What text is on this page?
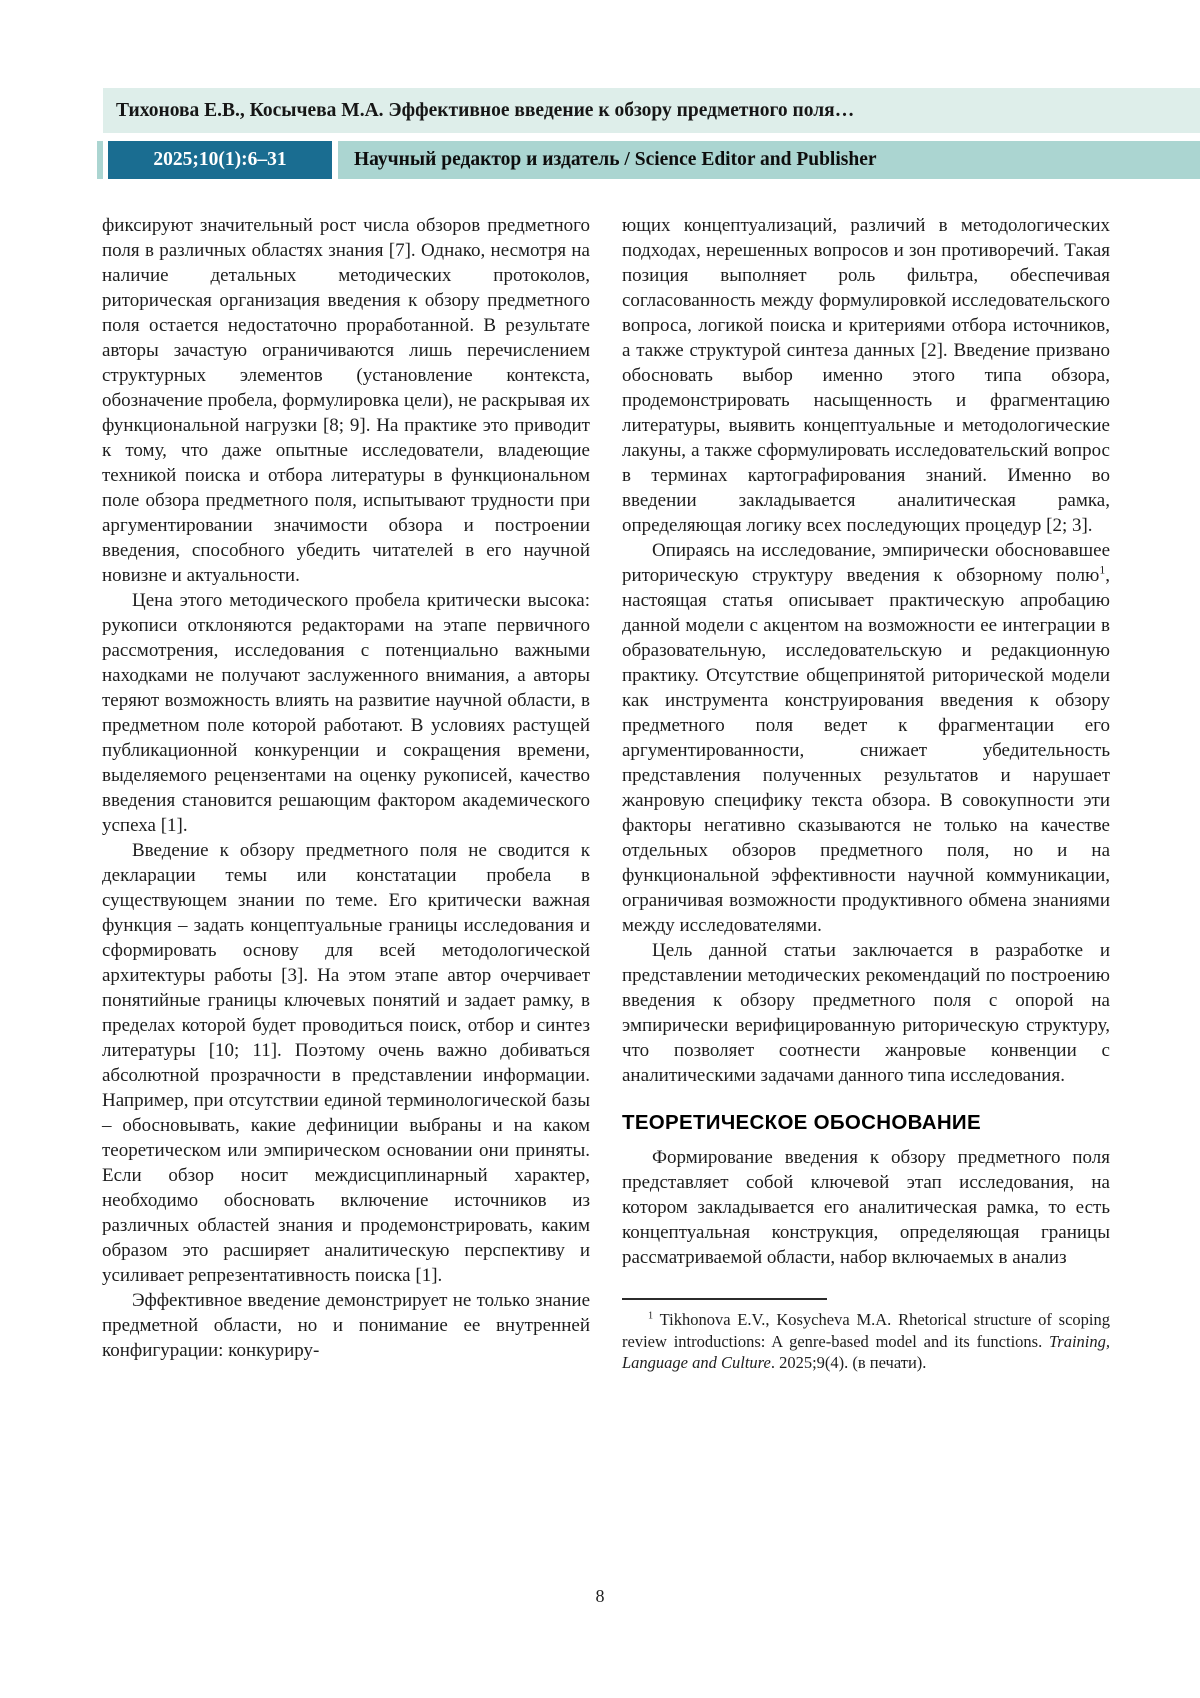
Тихонова Е.В., Косычева М.А. Эффективное введение к обзору предметного поля…
2025;10(1):6–31	Научный редактор и издатель / Science Editor and Publisher

фиксируют значительный рост числа обзоров предметного поля в различных областях знания [7]. Однако, несмотря на наличие детальных методических протоколов, риторическая организация введения к обзору предметного поля остается недостаточно проработанной. В результате авторы зачастую ограничиваются лишь перечислением структурных элементов (установление контекста, обозначение пробела, формулировка цели), не раскрывая их функциональной нагрузки [8; 9]. На практике это приводит к тому, что даже опытные исследователи, владеющие техникой поиска и отбора литературы в функциональном поле обзора предметного поля, испытывают трудности при аргументировании значимости обзора и построении введения, способного убедить читателей в его научной новизне и актуальности.

Цена этого методического пробела критически высока: рукописи отклоняются редакторами на этапе первичного рассмотрения, исследования с потенциально важными находками не получают заслуженного внимания, а авторы теряют возможность влиять на развитие научной области, в предметном поле которой работают. В условиях растущей публикационной конкуренции и сокращения времени, выделяемого рецензентами на оценку рукописей, качество введения становится решающим фактором академического успеха [1].

Введение к обзору предметного поля не сводится к декларации темы или констатации пробела в существующем знании по теме. Его критически важная функция – задать концептуальные границы исследования и сформировать основу для всей методологической архитектуры работы [3]. На этом этапе автор очерчивает понятийные границы ключевых понятий и задает рамку, в пределах которой будет проводиться поиск, отбор и синтез литературы [10; 11]. Поэтому очень важно добиваться абсолютной прозрачности в представлении информации. Например, при отсутствии единой терминологической базы – обосновывать, какие дефиниции выбраны и на каком теоретическом или эмпирическом основании они приняты. Если обзор носит междисциплинарный характер, необходимо обосновать включение источников из различных областей знания и продемонстрировать, каким образом это расширяет аналитическую перспективу и усиливает репрезентативность поиска [1].

Эффективное введение демонстрирует не только знание предметной области, но и понимание ее внутренней конфигурации: конкуриру-

ющих концептуализаций, различий в методологических подходах, нерешенных вопросов и зон противоречий. Такая позиция выполняет роль фильтра, обеспечивая согласованность между формулировкой исследовательского вопроса, логикой поиска и критериями отбора источников, а также структурой синтеза данных [2]. Введение призвано обосновать выбор именно этого типа обзора, продемонстрировать насыщенность и фрагментацию литературы, выявить концептуальные и методологические лакуны, а также сформулировать исследовательский вопрос в терминах картографирования знаний. Именно во введении закладывается аналитическая рамка, определяющая логику всех последующих процедур [2; 3].

Опираясь на исследование, эмпирически обосновавшее риторическую структуру введения к обзорному полю$^1$, настоящая статья описывает практическую апробацию данной модели с акцентом на возможности ее интеграции в образовательную, исследовательскую и редакционную практику. Отсутствие общепринятой риторической модели как инструмента конструирования введения к обзору предметного поля ведет к фрагментации его аргументированности, снижает убедительность представления полученных результатов и нарушает жанровую специфику текста обзора. В совокупности эти факторы негативно сказываются не только на качестве отдельных обзоров предметного поля, но и на функциональной эффективности научной коммуникации, ограничивая возможности продуктивного обмена знаниями между исследователями.

Цель данной статьи заключается в разработке и представлении методических рекомендаций по построению введения к обзору предметного поля с опорой на эмпирически верифицированную риторическую структуру, что позволяет соотнести жанровые конвенции с аналитическими задачами данного типа исследования.

ТЕОРЕТИЧЕСКОЕ ОБОСНОВАНИЕ

Формирование введения к обзору предметного поля представляет собой ключевой этап исследования, на котором закладывается его аналитическая рамка, то есть концептуальная конструкция, определяющая границы рассматриваемой области, набор включаемых в анализ

$^1$ Tikhonova E.V., Kosycheva M.A. Rhetorical structure of scoping review introductions: A genre-based model and its functions. Training, Language and Culture. 2025;9(4). (в печати).

8
